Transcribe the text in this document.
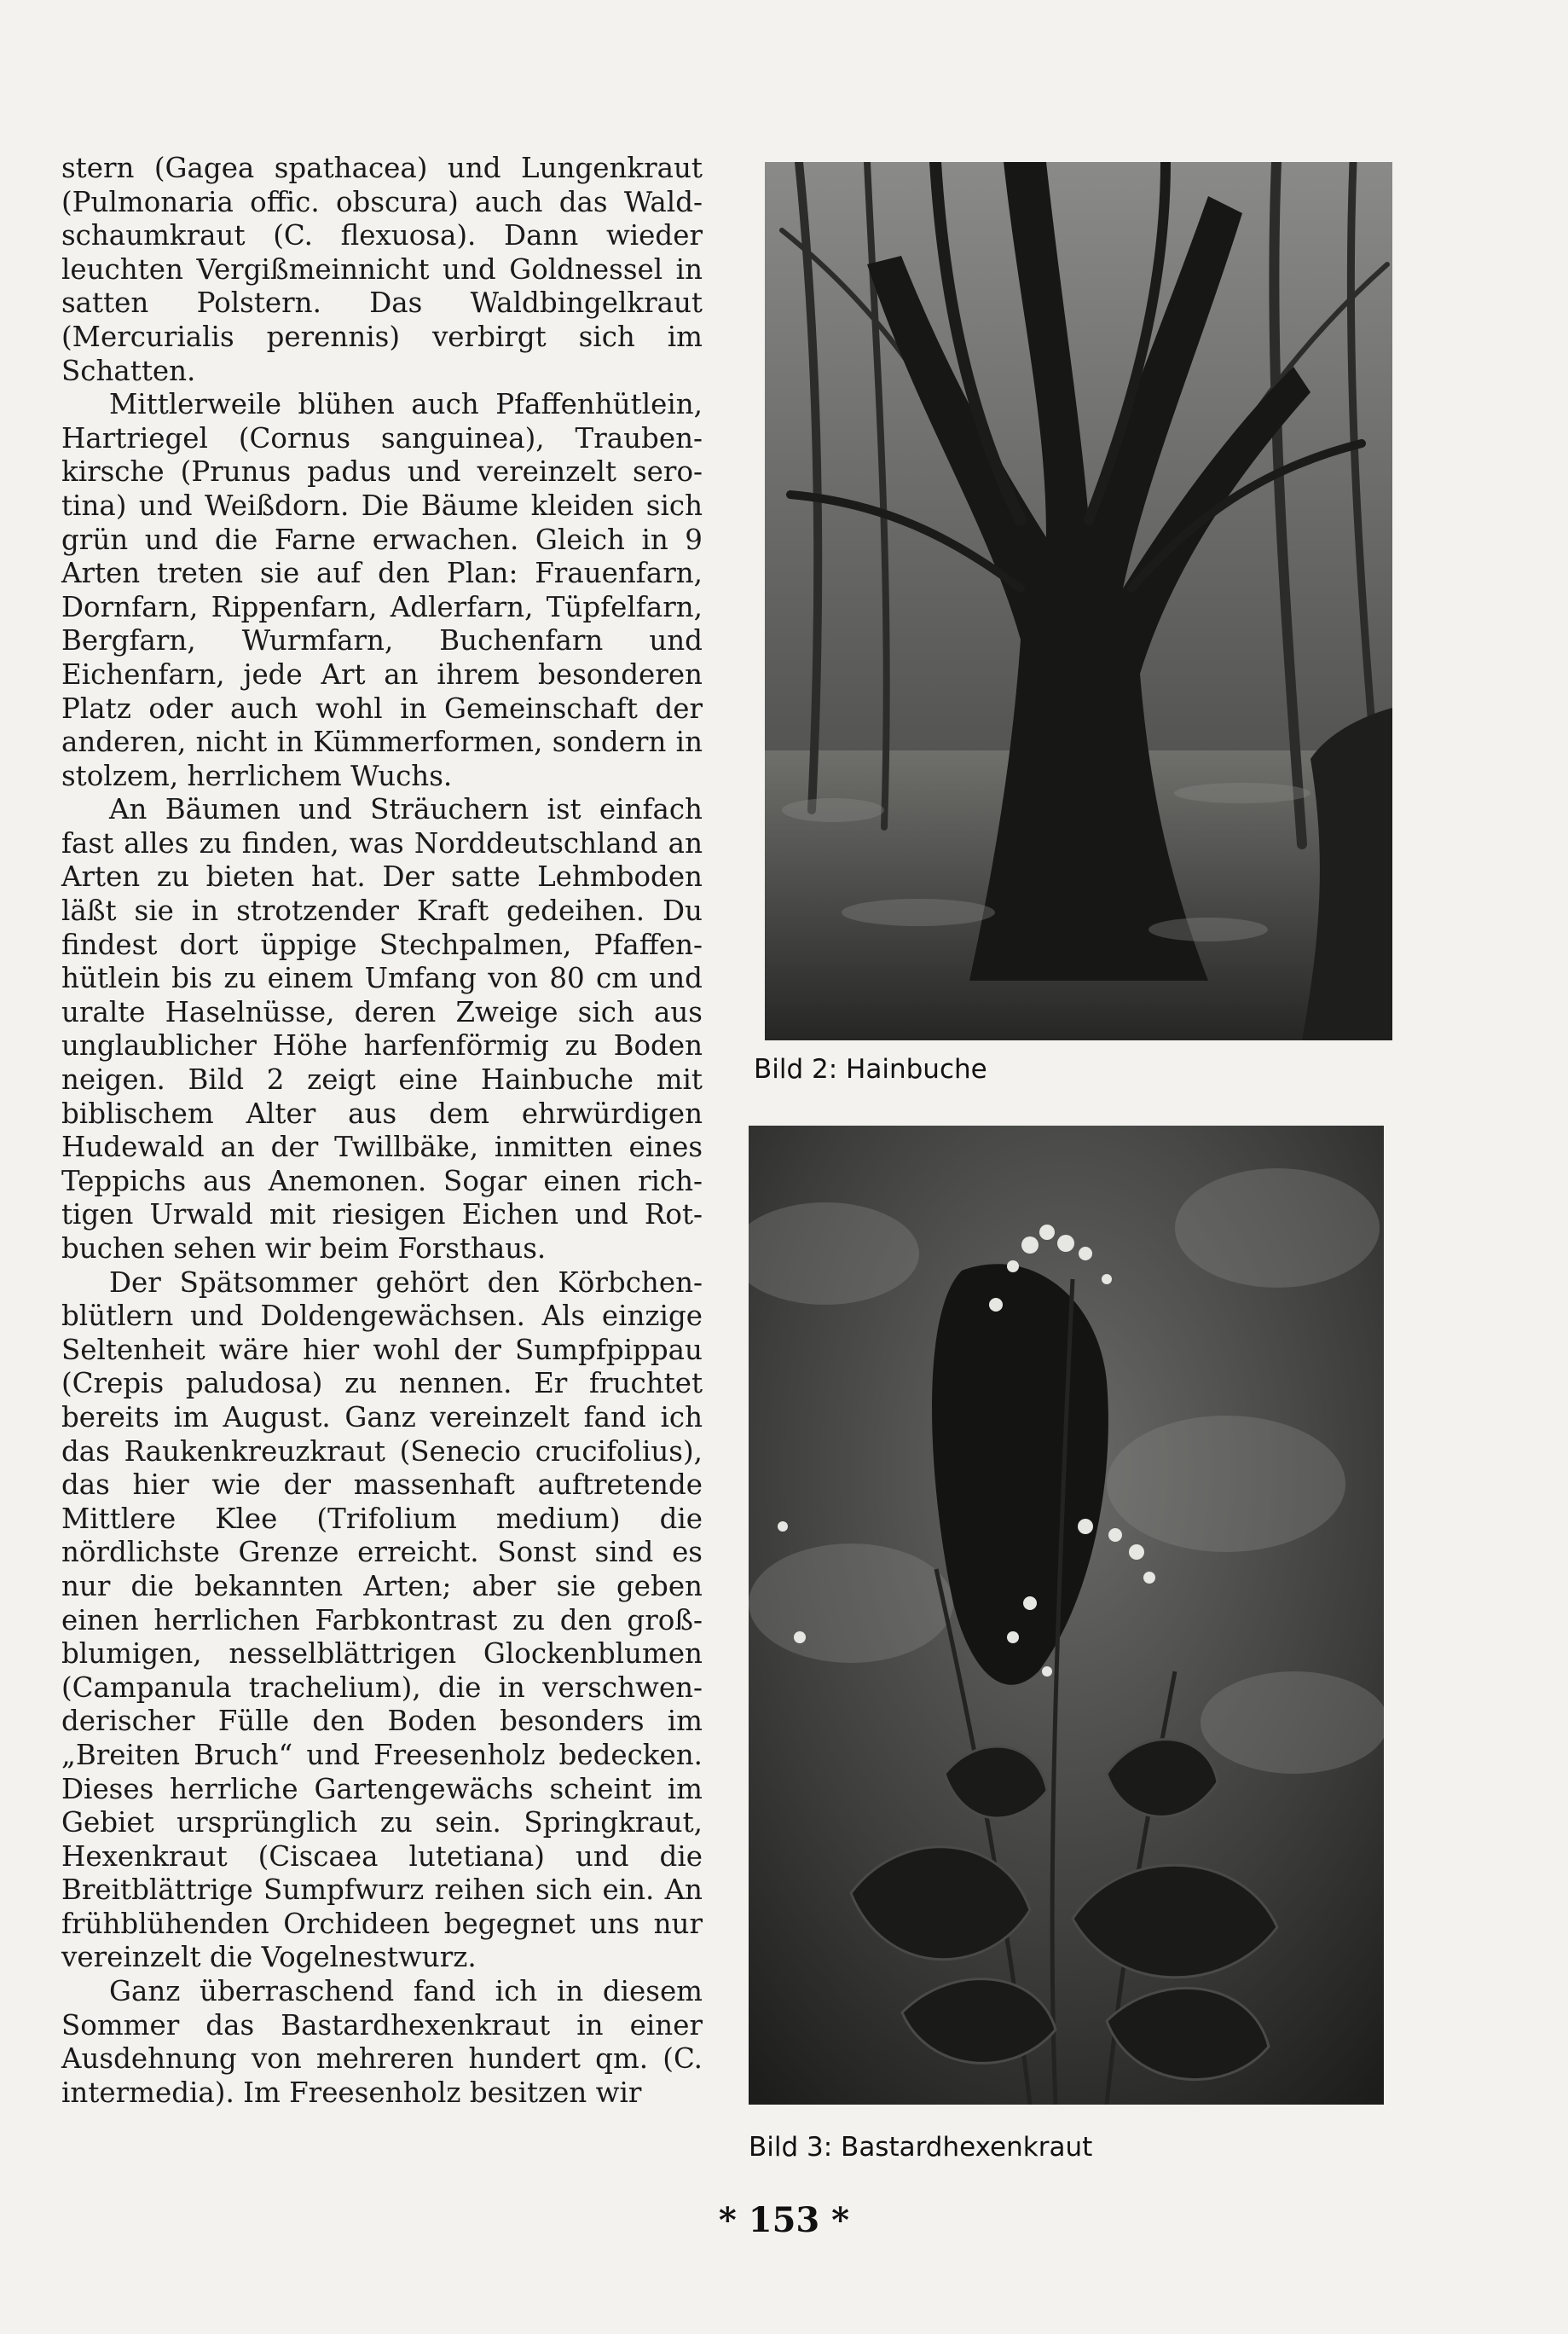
stern (Gagea spathacea) und Lungenkraut (Pulmonaria offic. obscura) auch das Waldschaumkraut (C. flexuosa). Dann wieder leuchten Vergißmeinnicht und Goldnessel in satten Polstern. Das Waldbingelkraut (Mercurialis perennis) verbirgt sich im Schatten.

Mittlerweile blühen auch Pfaffenhütlein, Hartriegel (Cornus sanguinea), Traubenkirsche (Prunus padus und vereinzelt serotina) und Weißdorn. Die Bäume kleiden sich grün und die Farne erwachen. Gleich in 9 Arten treten sie auf den Plan: Frauenfarn, Dornfarn, Rippenfarn, Adlerfarn, Tüpfelfarn, Bergfarn, Wurmfarn, Buchenfarn und Eichenfarn, jede Art an ihrem besonderen Platz oder auch wohl in Gemeinschaft der anderen, nicht in Kümmerformen, sondern in stolzem, herrlichem Wuchs.

An Bäumen und Sträuchern ist einfach fast alles zu finden, was Norddeutschland an Arten zu bieten hat. Der satte Lehmboden läßt sie in strotzender Kraft gedeihen. Du findest dort üppige Stechpalmen, Pfaffenhütlein bis zu einem Umfang von 80 cm und uralte Haselnüsse, deren Zweige sich aus unglaublicher Höhe harfenförmig zu Boden neigen. Bild 2 zeigt eine Hainbuche mit biblischem Alter aus dem ehrwürdigen Hudewald an der Twillbäke, inmitten eines Teppichs aus Anemonen. Sogar einen richtigen Urwald mit riesigen Eichen und Rotbuchen sehen wir beim Forsthaus.

Der Spätsommer gehört den Körbchenblütlern und Doldengewächsen. Als einzige Seltenheit wäre hier wohl der Sumpfpippau (Crepis paludosa) zu nennen. Er fruchtet bereits im August. Ganz vereinzelt fand ich das Raukenkreuzkraut (Senecio crucifolius), das hier wie der massenhaft auftretende Mittlere Klee (Trifolium medium) die nördlichste Grenze erreicht. Sonst sind es nur die bekannten Arten; aber sie geben einen herrlichen Farbkontrast zu den großblumigen, nesselblättrigen Glockenblumen (Campanula trachelium), die in verschwenderischer Fülle den Boden besonders im „Breiten Bruch“ und Freesenholz bedecken. Dieses herrliche Gartengewächs scheint im Gebiet ursprünglich zu sein. Springkraut, Hexenkraut (Ciscaea lutetiana) und die Breitblättrige Sumpfwurz reihen sich ein. An frühblühenden Orchideen begegnet uns nur vereinzelt die Vogelnestwurz.

Ganz überraschend fand ich in diesem Sommer das Bastardhexenkraut in einer Ausdehnung von mehreren hundert qm. (C. intermedia). Im Freesenholz besitzen wir

Bild 2: Hainbuche
Bild 3: Bastardhexenkraut
* 153 *
